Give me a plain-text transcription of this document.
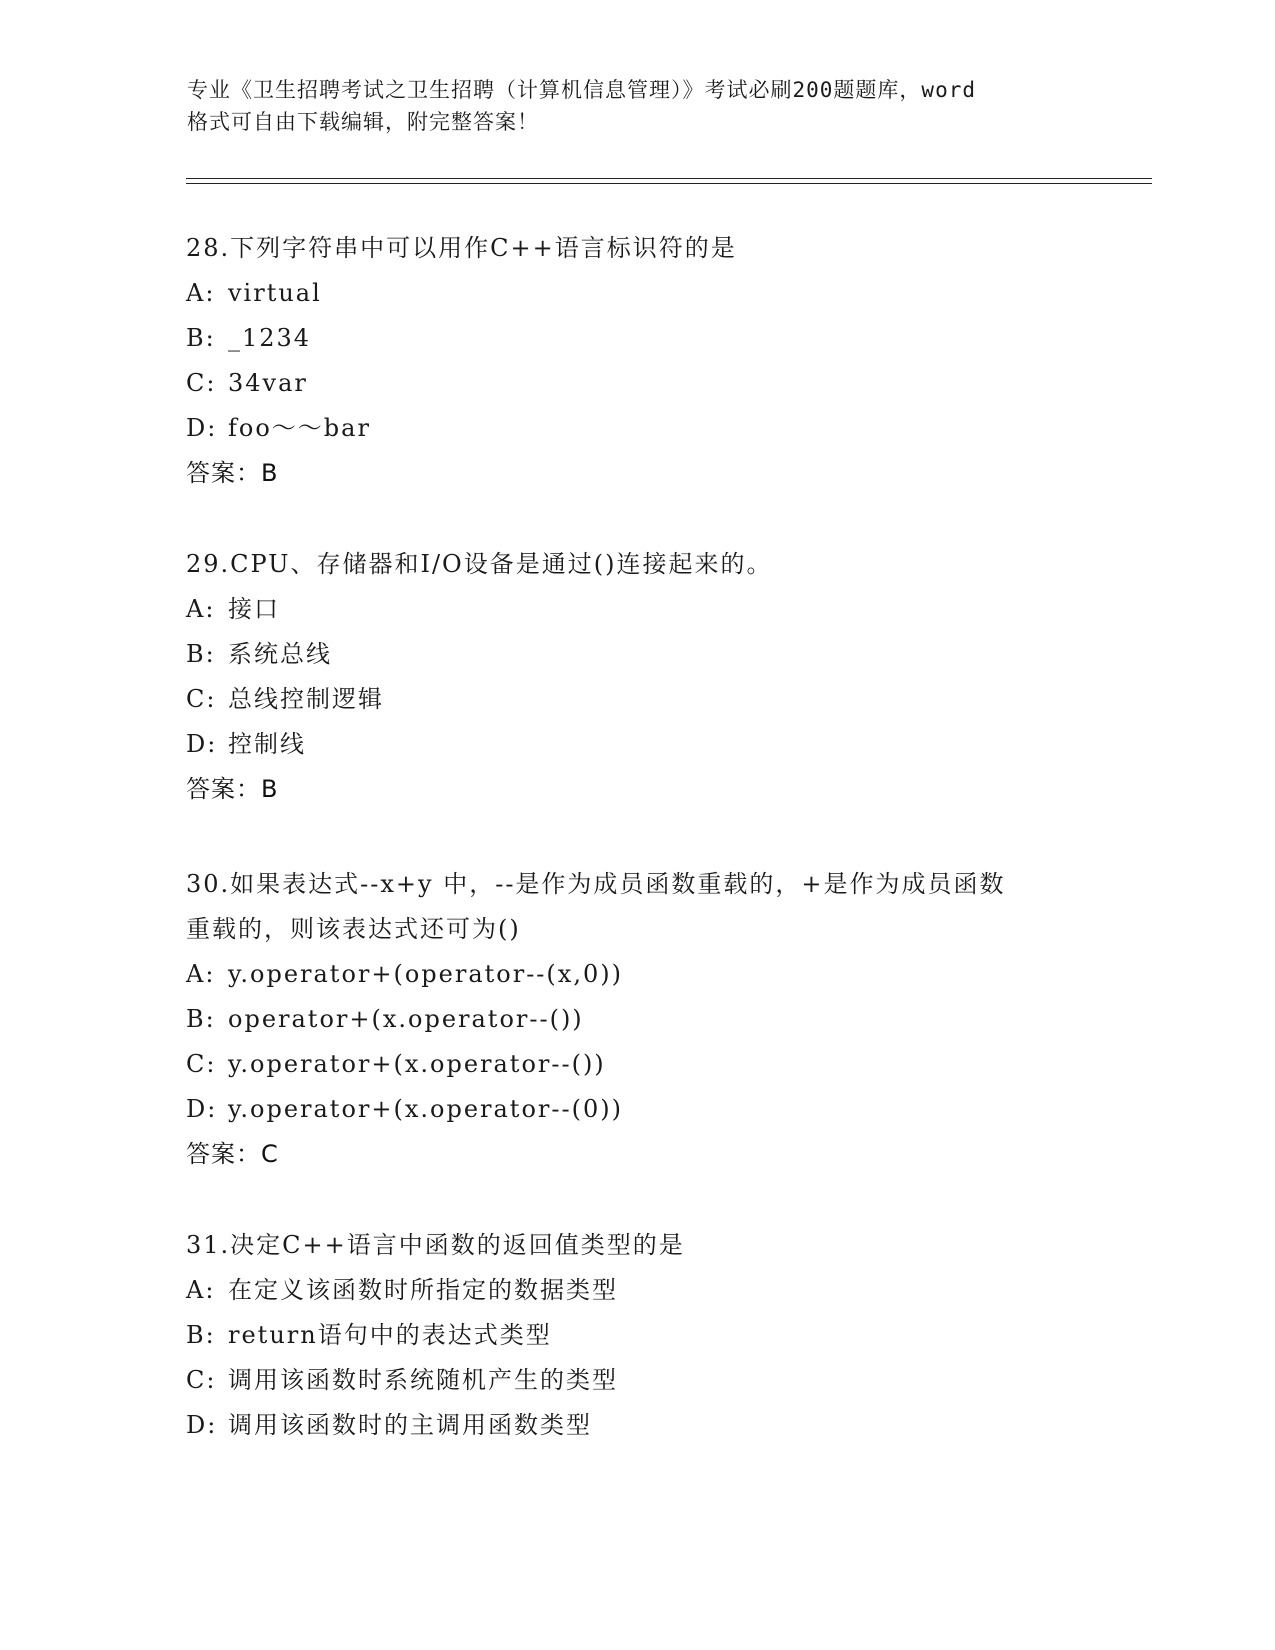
专业《卫生招聘考试之卫生招聘（计算机信息管理）》考试必刷200题题库，word
格式可自由下载编辑，附完整答案！
28.下列字符串中可以用作C++语言标识符的是
A: virtual
B: _1234
C: 34var
D: foo～～bar
答案：B
29.CPU、存储器和I/O设备是通过()连接起来的。
A: 接口
B: 系统总线
C: 总线控制逻辑
D: 控制线
答案：B
30.如果表达式--x+y 中，--是作为成员函数重载的，+是作为成员函数
重载的，则该表达式还可为()
A: y.operator+(operator--(x,0))
B: operator+(x.operator--())
C: y.operator+(x.operator--())
D: y.operator+(x.operator--(0))
答案：C
31.决定C++语言中函数的返回值类型的是
A: 在定义该函数时所指定的数据类型
B: return语句中的表达式类型
C: 调用该函数时系统随机产生的类型
D: 调用该函数时的主调用函数类型
